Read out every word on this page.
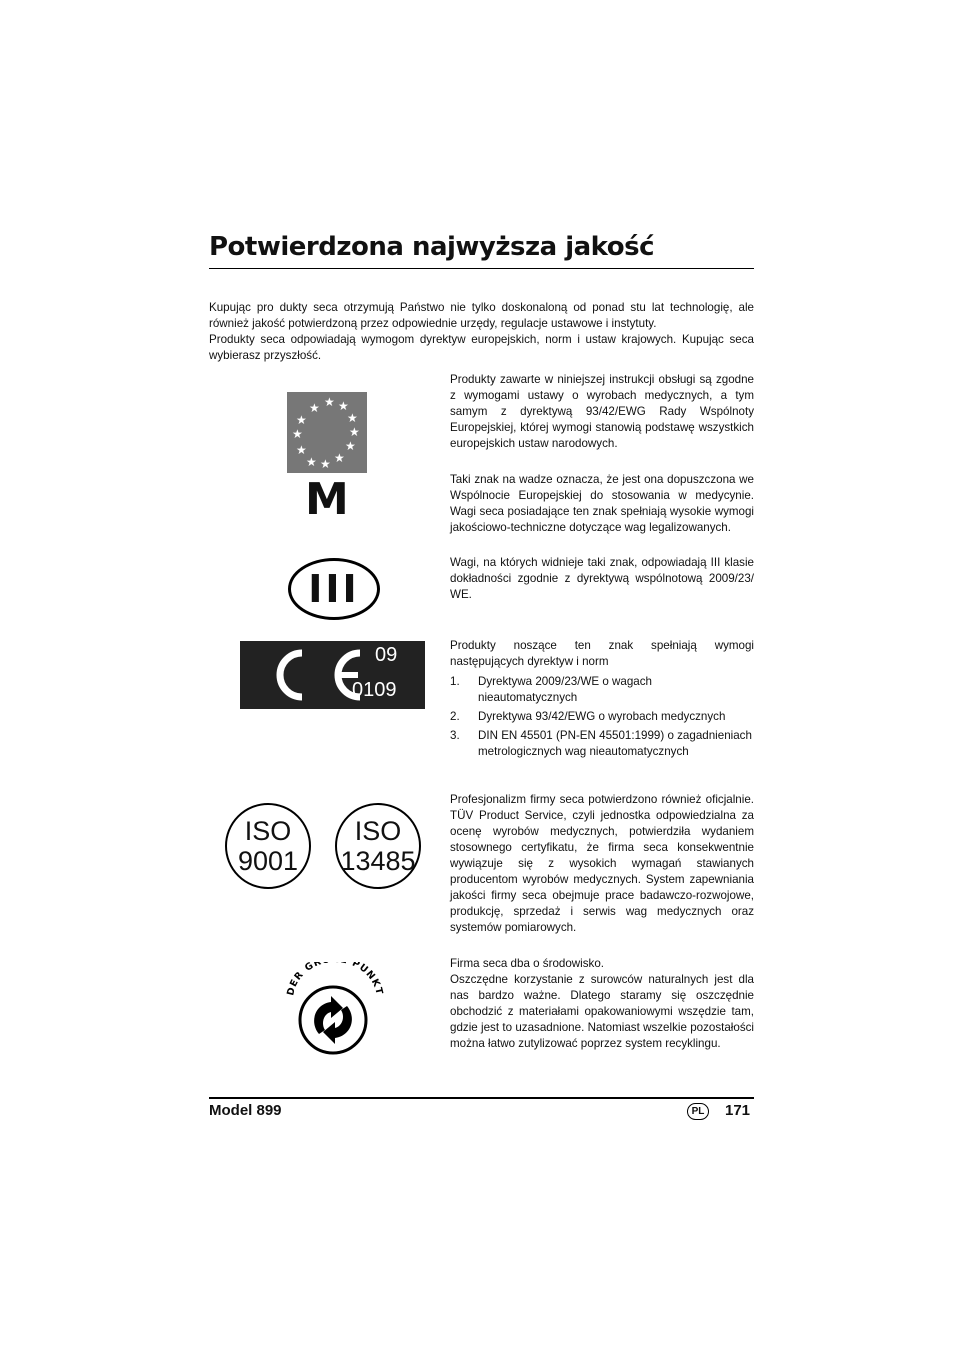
Potwierdzona najwyższa jakość
Kupując pro dukty seca otrzymują Państwo nie tylko doskonaloną od ponad stu lat technologię, ale również jakość potwierdzoną przez odpowiednie urzędy, regulacje ustawowe i instytuty.
Produkty seca odpowiadają wymogom dyrektyw europejskich, norm i ustaw krajowych. Kupując seca wybierasz przyszłość.
★ ★
★
★
★
★
★
★
★
★
★
★
M
Produkty zawarte w niniejszej instrukcji obsługi są zgodne z wymogami ustawy o wyrobach medycznych, a tym samym z dyrektywą 93/42/EWG Rady Wspólnoty Europejskiej, której wymogi stanowią podstawę wszystkich europejskich ustaw narodowych.
Taki znak na wadze oznacza, że jest ona dopuszczona we Wspólnocie Europejskiej do stosowania w medycynie. Wagi seca posiadające ten znak spełniają wysokie wymogi jakościowo-techniczne dotyczące wag legalizowanych.
III
Wagi, na których widnieje taki znak, odpowiadają III klasie dokładności zgodnie z dyrektywą wspólnotową 2009/23/ WE.
09
0109
Produkty noszące ten znak spełniają wymogi następujących dyrektyw i norm
1.	Dyrektywa 2009/23/WE o wagach nieautomatycznych
2.	Dyrektywa 93/42/EWG o wyrobach medycznych
3.	DIN EN 45501 (PN-EN 45501:1999) o zagadnieniach metrologicznych wag nieautomatycznych
ISO
9001
ISO
13485
Profesjonalizm firmy seca potwierdzono również oficjalnie. TÜV Product Service, czyli jednostka odpowiedzialna za ocenę wyrobów medycznych, potwierdziła wydaniem stosownego certyfikatu, że firma seca konsekwentnie wywiązuje się z wysokich wymagań stawianych producentom wyrobów medycznych. System zapewniania jakości firmy seca obejmuje prace badawczo-rozwojowe, produkcję, sprzedaż i serwis wag medycznych oraz systemów pomiarowych.
DER GR PUNKT
Firma seca dba o środowisko.
Oszczędne korzystanie z surowców naturalnych jest dla nas bardzo ważne. Dlatego staramy się oszczędnie obchodzić z materiałami opakowaniowymi wszędzie tam, gdzie jest to uzasadnione. Natomiast wszelkie pozostałości można łatwo zutylizować poprzez system recyklingu.
Model 899	PL	171
